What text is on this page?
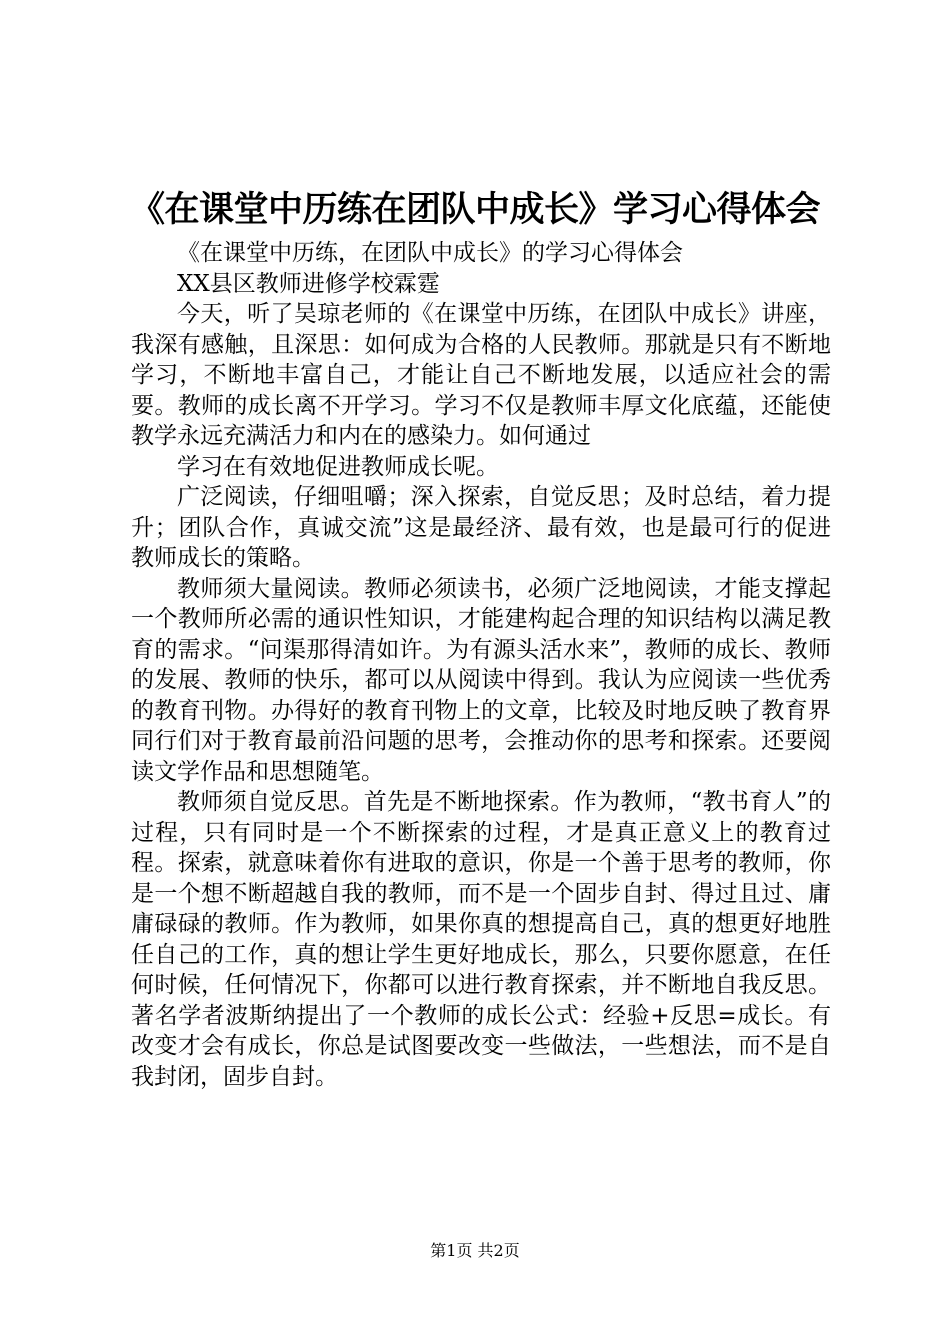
《在课堂中历练在团队中成长》学习心得体会

《在课堂中历练，在团队中成长》的学习心得体会

XX县区教师进修学校霖霆

今天，听了吴琼老师的《在课堂中历练，在团队中成长》讲座，我深有感触，且深思：如何成为合格的人民教师。那就是只有不断地学习，不断地丰富自己，才能让自己不断地发展，以适应社会的需要。教师的成长离不开学习。学习不仅是教师丰厚文化底蕴，还能使教学永远充满活力和内在的感染力。如何通过

学习在有效地促进教师成长呢。

广泛阅读，仔细咀嚼；深入探索，自觉反思；及时总结，着力提升；团队合作，真诚交流”这是最经济、最有效，也是最可行的促进教师成长的策略。

教师须大量阅读。教师必须读书，必须广泛地阅读，才能支撑起一个教师所必需的通识性知识，才能建构起合理的知识结构以满足教育的需求。“问渠那得清如许。为有源头活水来”，教师的成长、教师的发展、教师的快乐，都可以从阅读中得到。我认为应阅读一些优秀的教育刊物。办得好的教育刊物上的文章，比较及时地反映了教育界同行们对于教育最前沿问题的思考，会推动你的思考和探索。还要阅读文学作品和思想随笔。

教师须自觉反思。首先是不断地探索。作为教师，“教书育人”的过程，只有同时是一个不断探索的过程，才是真正意义上的教育过程。探索，就意味着你有进取的意识，你是一个善于思考的教师，你是一个想不断超越自我的教师，而不是一个固步自封、得过且过、庸庸碌碌的教师。作为教师，如果你真的想提高自己，真的想更好地胜任自己的工作，真的想让学生更好地成长，那么，只要你愿意，在任何时候，任何情况下，你都可以进行教育探索，并不断地自我反思。著名学者波斯纳提出了一个教师的成长公式：经验+反思=成长。有改变才会有成长，你总是试图要改变一些做法，一些想法，而不是自我封闭，固步自封。

第1页 共2页
